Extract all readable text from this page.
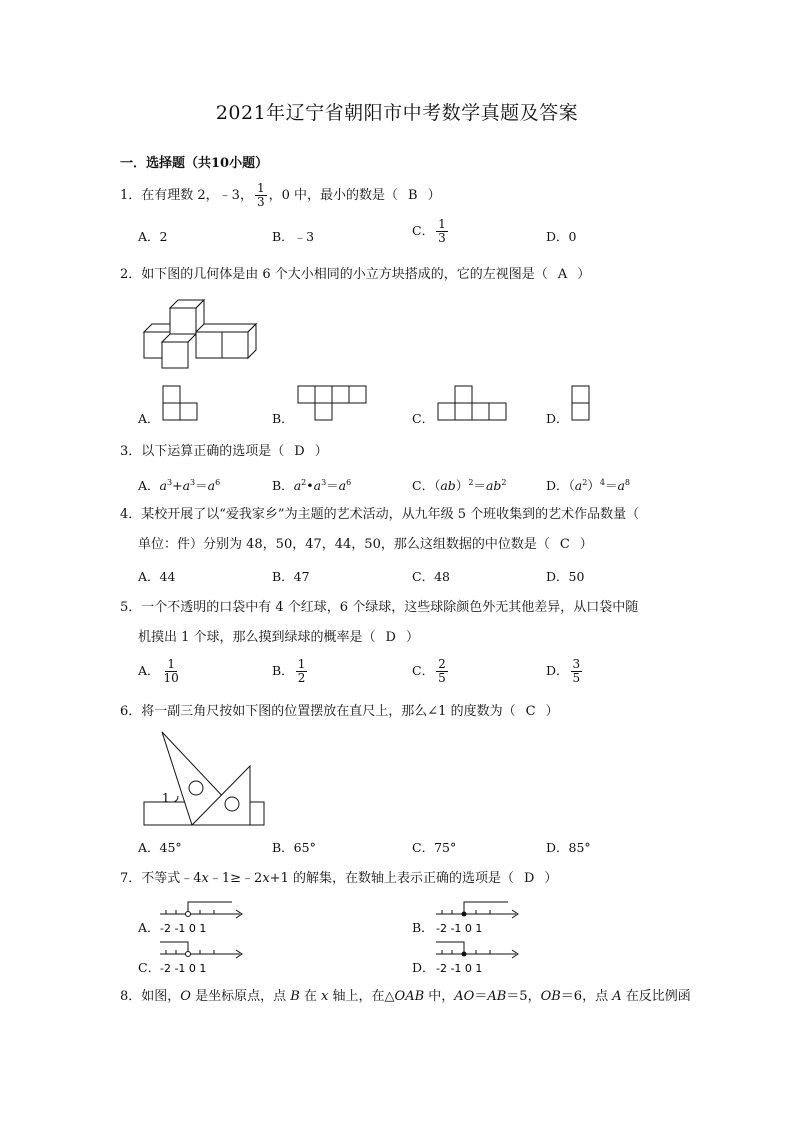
2021年辽宁省朝阳市中考数学真题及答案
一．选择题（共10小题）
1．在有理数 2，﹣3， $\frac{1}{3}$ ，0 中，最小的数是（ B ）
A．2	B．﹣3	C． $\frac{1}{3}$	D．0
2．如下图的几何体是由 6 个大小相同的小立方块搭成的，它的左视图是（ A ）
A．	B．	C．	D．
3．以下运算正确的选项是（ D ）
A．$a^3+a^3=a^6$	B．$a^2•a^3=a^6$	C．$(ab)^2=ab^2$	D．$(a^2)^4=a^8$
4．某校开展了以“爱我家乡”为主题的艺术活动，从九年级 5 个班收集到的艺术作品数量（
单位：件）分别为 48，50，47，44，50，那么这组数据的中位数是（ C ）
A．44	B．47	C．48	D．50
5．一个不透明的口袋中有 4 个红球，6 个绿球，这些球除颜色外无其他差异，从口袋中随
机摸出 1 个球，那么摸到绿球的概率是（ D ）
A． $\frac{1}{10}$	B． $\frac{1}{2}$	C． $\frac{2}{5}$	D． $\frac{3}{5}$
6．将一副三角尺按如下图的位置摆放在直尺上，那么∠1 的度数为（ C ）
1
A．45°	B．65°	C．75°	D．85°
7．不等式﹣4x﹣1≥﹣2x+1 的解集，在数轴上表示正确的选项是（ D ）
A． -2 -1 0 1	B． -2 -1 0 1
C． -2 -1 0 1	D． -2 -1 0 1
8．如图，O 是坐标原点，点 B 在 x 轴上，在△OAB 中，AO＝AB＝5，OB＝6，点 A 在反比例函
